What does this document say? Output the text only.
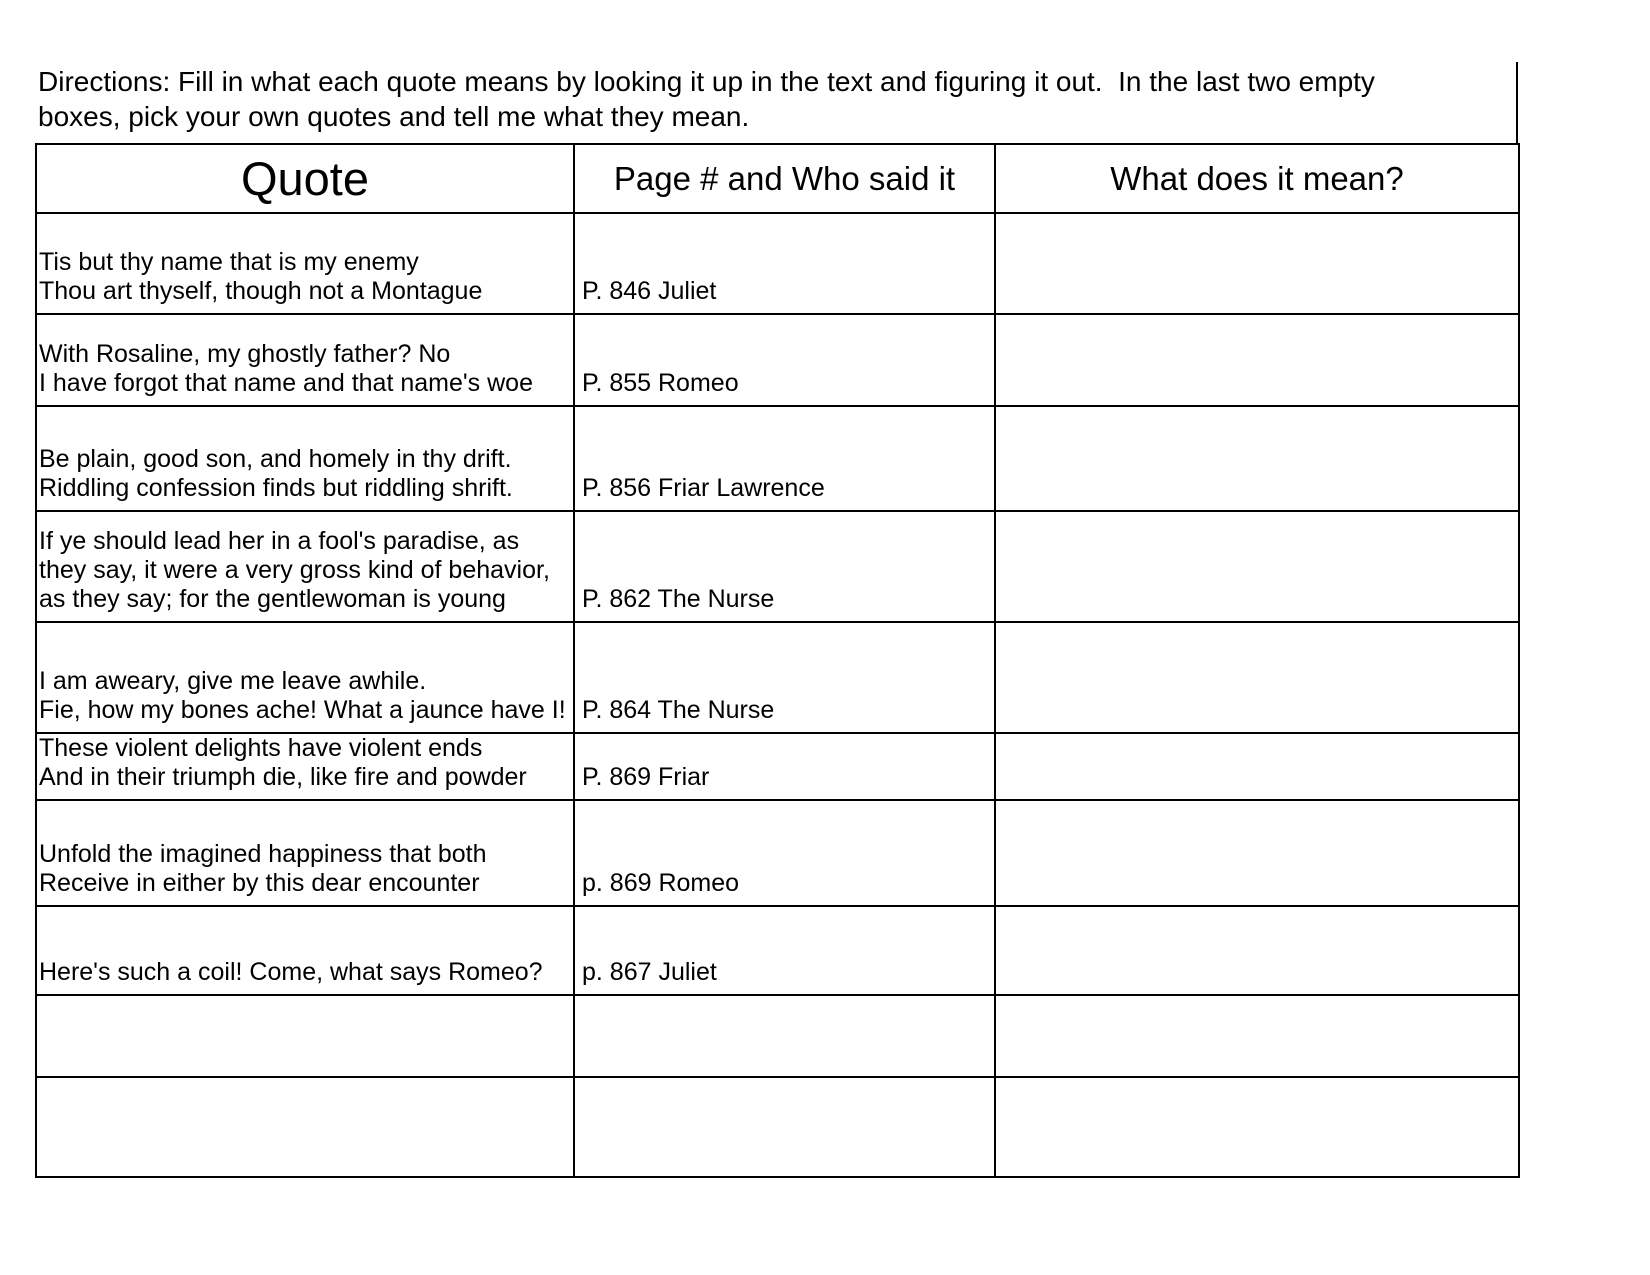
Directions: Fill in what each quote means by looking it up in the text and figuring it out.  In the last two empty
boxes, pick your own quotes and tell me what they mean.
Quote	Page # and Who said it	What does it mean?

Tis but thy name that is my enemy
Thou art thyself, though not a Montague	P. 846 Juliet	

With Rosaline, my ghostly father? No
I have forgot that name and that name's woe	P. 855 Romeo	

Be plain, good son, and homely in thy drift.
Riddling confession finds but riddling shrift.	P. 856 Friar Lawrence	

If ye should lead her in a fool's paradise, as
they say, it were a very gross kind of behavior,
as they say; for the gentlewoman is young	P. 862 The Nurse	

I am aweary, give me leave awhile.
Fie, how my bones ache! What a jaunce have I!	P. 864 The Nurse	

These violent delights have violent ends
And in their triumph die, like fire and powder	P. 869 Friar	

Unfold the imagined happiness that both
Receive in either by this dear encounter	p. 869 Romeo	

Here's such a coil! Come, what says Romeo?	p. 867 Juliet	
